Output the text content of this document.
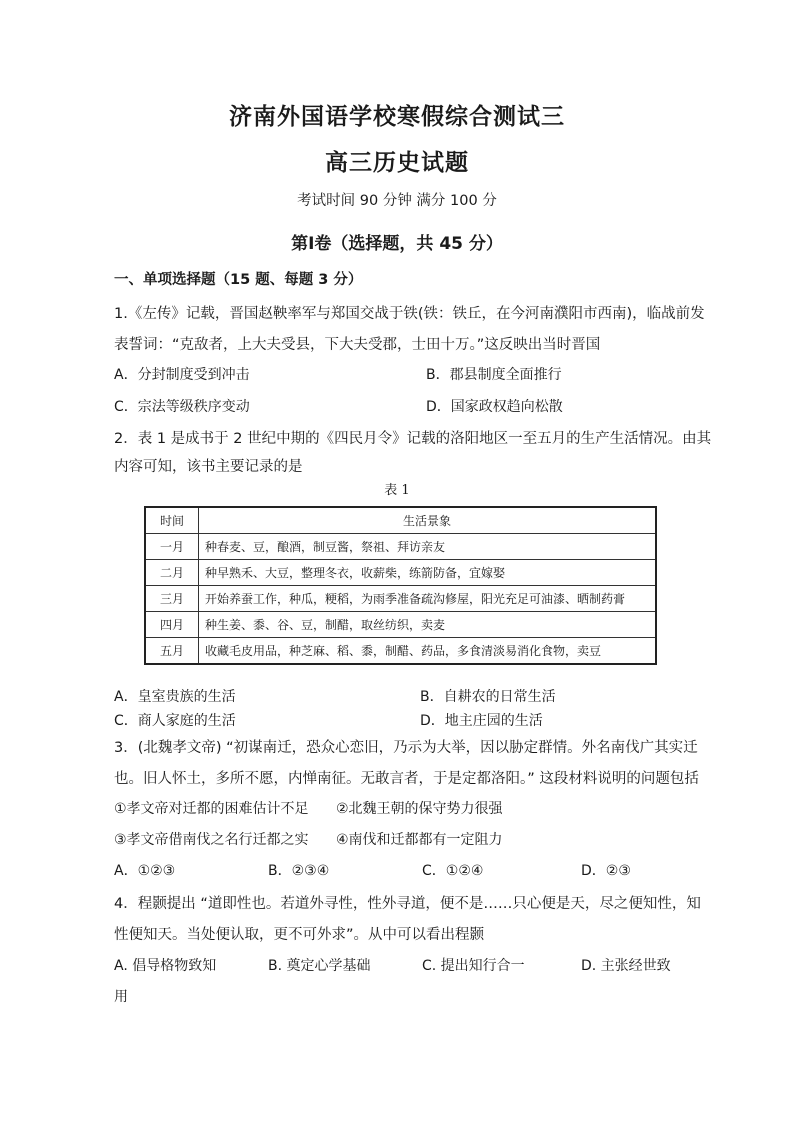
济南外国语学校寒假综合测试三
高三历史试题
考试时间 90 分钟 满分 100 分
第Ⅰ卷（选择题，共 45 分）
一、单项选择题（15 题、每题 3 分）
1.《左传》记载，晋国赵鞅率军与郑国交战于铁(铁：铁丘，在今河南濮阳市西南)，临战前发
表誓词：“克敌者，上大夫受县，下大夫受郡，士田十万。”这反映出当时晋国
A．分封制度受到冲击	B．郡县制度全面推行
C．宗法等级秩序变动	D．国家政权趋向松散
2．表 1 是成书于 2 世纪中期的《四民月令》记载的洛阳地区一至五月的生产生活情况。由其
内容可知，该书主要记录的是
表 1
时间	生活景象
一月	种春麦、豆，酿酒，制豆酱，祭祖、拜访亲友
二月	种早熟禾、大豆，整理冬衣，收薪柴，练箭防备，宜嫁娶
三月	开始养蚕工作，种瓜，粳稻，为雨季准备疏沟修屋，阳光充足可油漆、晒制药膏
四月	种生姜、黍、谷、豆，制醋，取丝纺织，卖麦
五月	收藏毛皮用品，种芝麻、稻、黍，制醋、药品，多食清淡易消化食物，卖豆
A．皇室贵族的生活	B．自耕农的日常生活
C．商人家庭的生活	D．地主庄园的生活
3．(北魏孝文帝) “初谋南迁，恐众心恋旧，乃示为大举，因以胁定群情。外名南伐广其实迁
也。旧人怀土，多所不愿，内惮南征。无敢言者，于是定都洛阳。” 这段材料说明的问题包括
①孝文帝对迁都的困难估计不足 ②北魏王朝的保守势力很强
③孝文帝借南伐之名行迁都之实 ④南伐和迁都都有一定阻力
A．①②③	B．②③④	C．①②④	D．②③
4．程颢提出 “道即性也。若道外寻性，性外寻道，便不是……只心便是天，尽之便知性，知
性便知天。当处便认取，更不可外求”。从中可以看出程颢
A. 倡导格物致知	B. 奠定心学基础	C. 提出知行合一	D. 主张经世致
用
